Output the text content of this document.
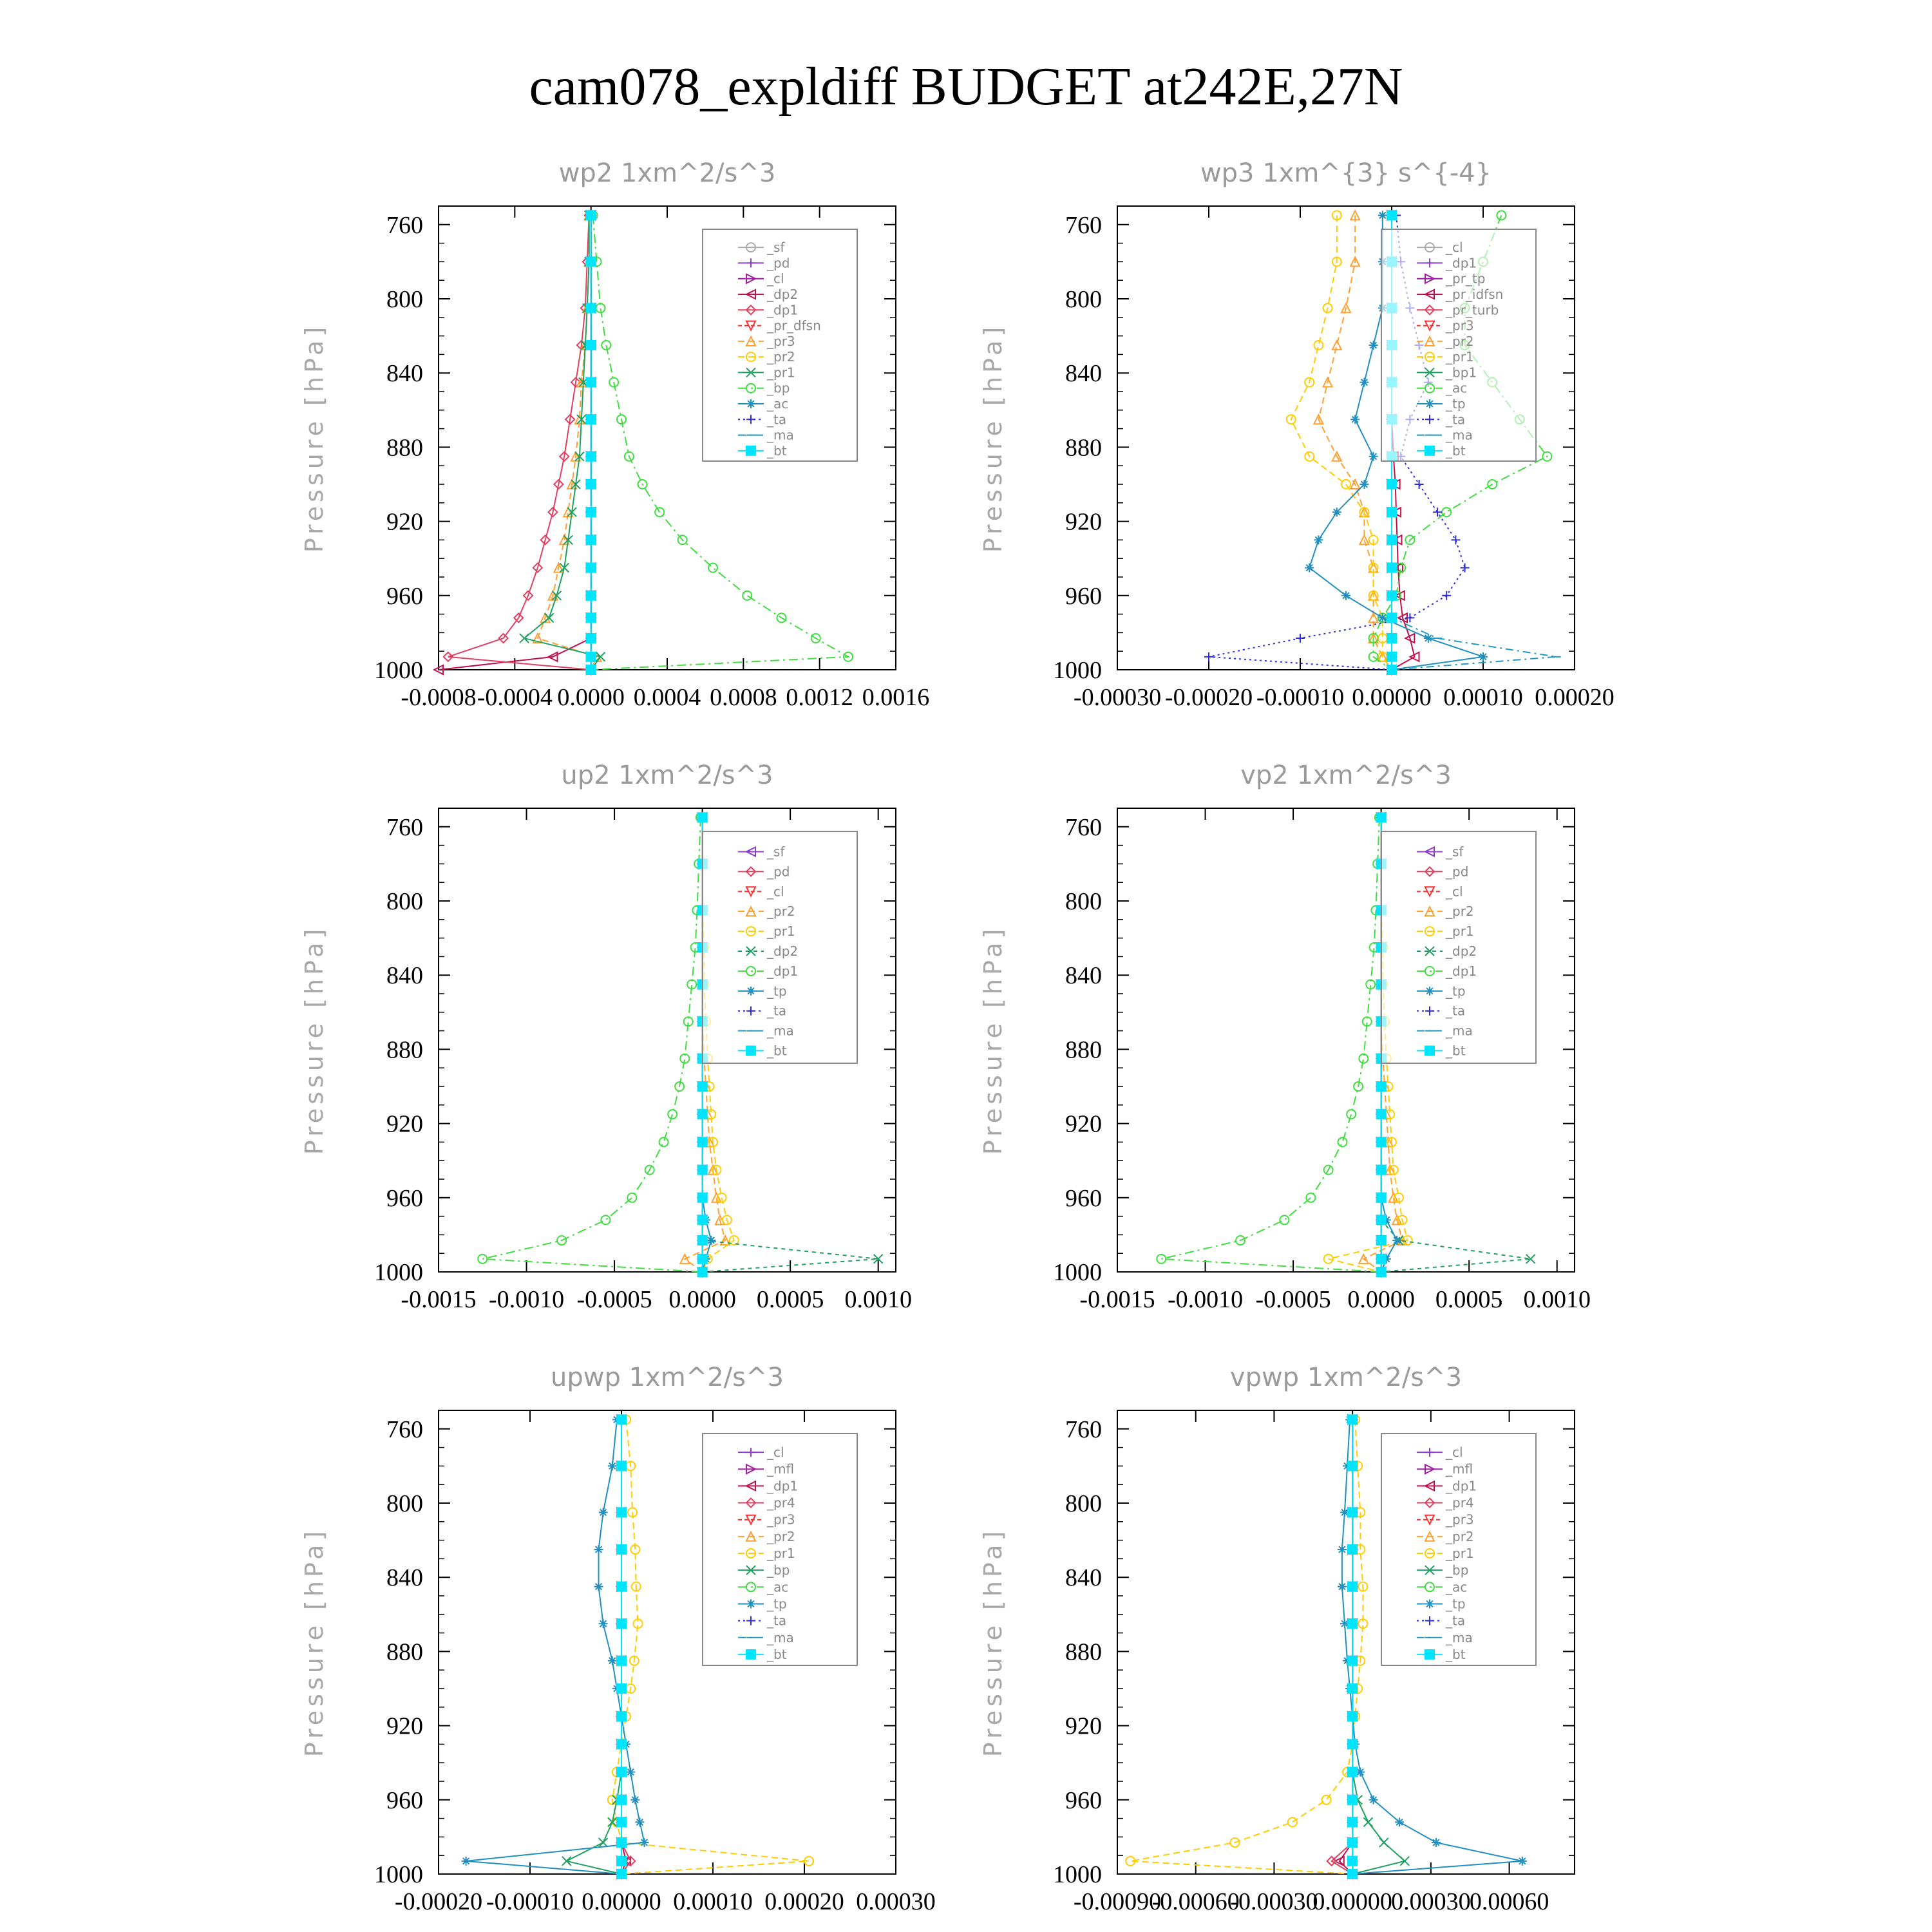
cam078_expldiff BUDGET at242E,27N
wp2 1xm^2/s^3
Pressure [hPa]
760
800
840
880
920
960
1000
-0.0008 -0.0004 0.0000 0.0004 0.0008 0.0012 0.0016
_sf
_pd
_cl
_dp2
_dp1
_pr_dfsn
_pr3
_pr2
_pr1
_bp
_ac
_ta
_ma
_bt
wp3 1xm^{3} s^{-4}
Pressure [hPa]
760
800
840
880
920
960
1000
-0.00030 -0.00020 -0.00010 0.00000 0.00010 0.00020
_cl
_dp1
_pr_tp
_pr_idfsn
_pr_turb
_pr3
_pr2
_pr1
_bp1
_ac
_tp
_ta
_ma
_bt
up2 1xm^2/s^3
Pressure [hPa]
760
800
840
880
920
960
1000
-0.0015 -0.0010 -0.0005 0.0000 0.0005 0.0010
_sf
_pd
_cl
_pr2
_pr1
_dp2
_dp1
_tp
_ta
_ma
_bt
vp2 1xm^2/s^3
Pressure [hPa]
760
800
840
880
920
960
1000
-0.0015 -0.0010 -0.0005 0.0000 0.0005 0.0010
_sf
_pd
_cl
_pr2
_pr1
_dp2
_dp1
_tp
_ta
_ma
_bt
upwp 1xm^2/s^3
Pressure [hPa]
760
800
840
880
920
960
1000
-0.00020 -0.00010 0.00000 0.00010 0.00020 0.00030
_cl
_mfl
_dp1
_pr4
_pr3
_pr2
_pr1
_bp
_ac
_tp
_ta
_ma
_bt
vpwp 1xm^2/s^3
Pressure [hPa]
760
800
840
880
920
960
1000
-0.00090
-0.00060
-0.00030
0.00000
0.00030
0.00060
_cl
_mfl
_dp1
_pr4
_pr3
_pr2
_pr1
_bp
_ac
_tp
_ta
_ma
_bt
